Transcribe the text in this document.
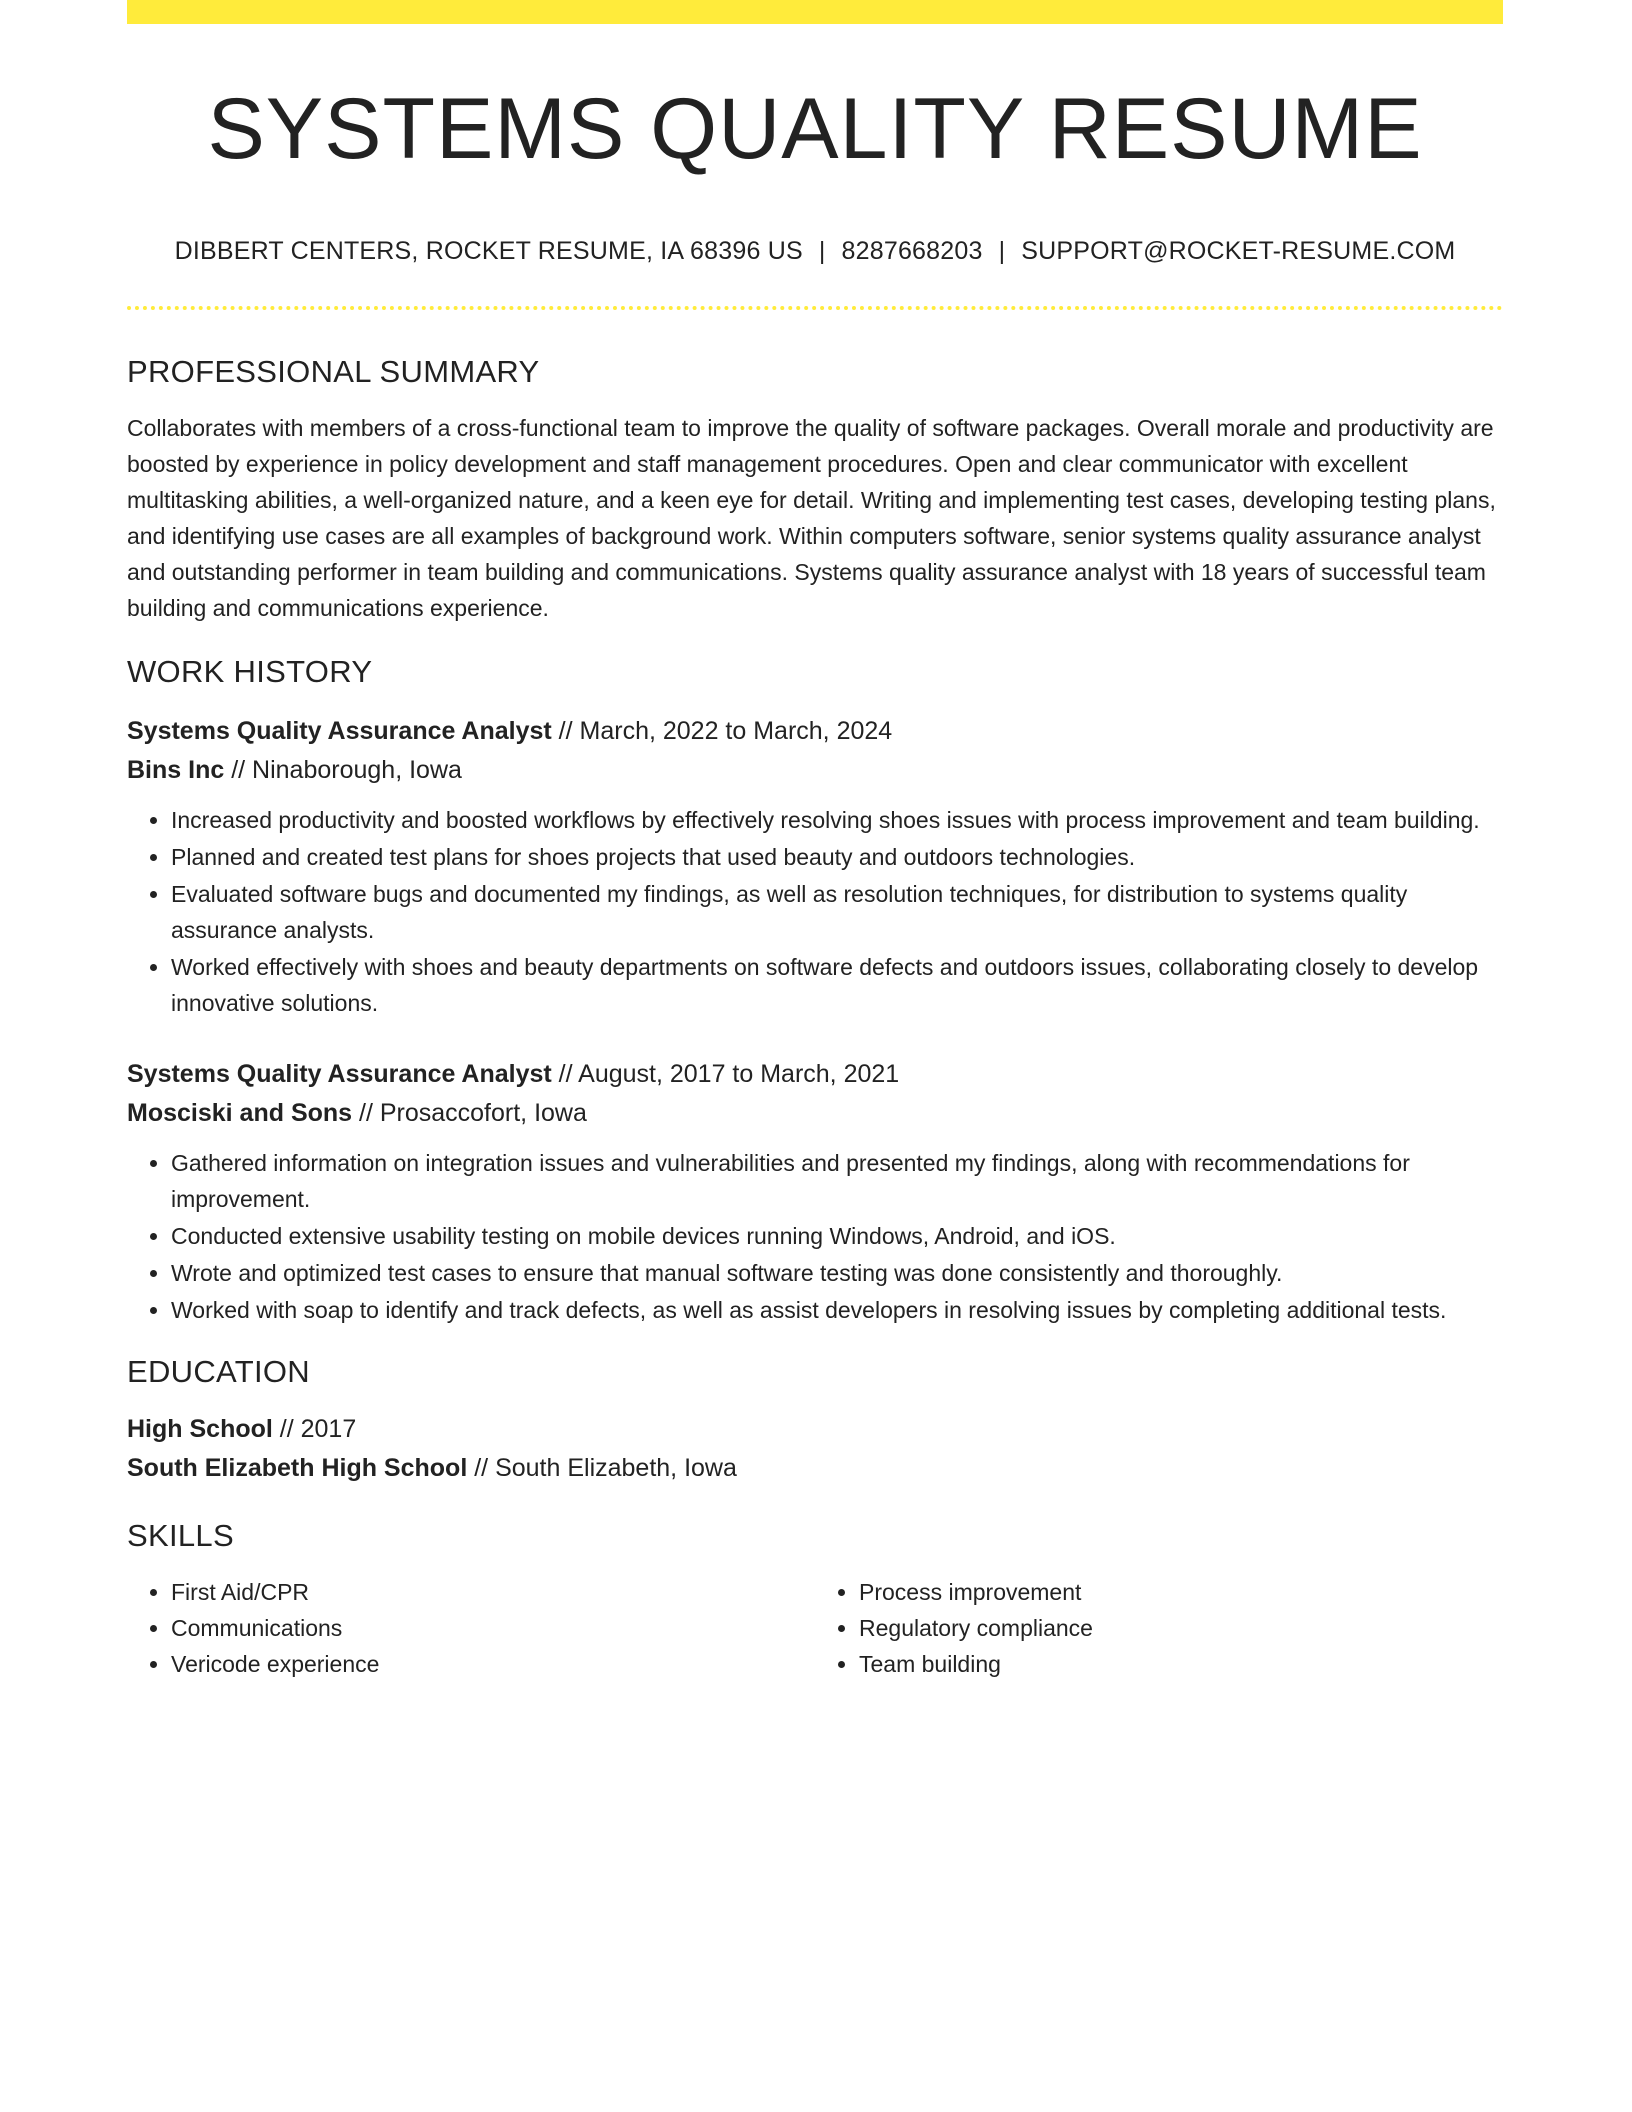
SYSTEMS QUALITY RESUME
DIBBERT CENTERS, ROCKET RESUME, IA 68396 US | 8287668203 | SUPPORT@ROCKET-RESUME.COM
PROFESSIONAL SUMMARY

Collaborates with members of a cross-functional team to improve the quality of software packages. Overall morale and productivity are boosted by experience in policy development and staff management procedures. Open and clear communicator with excellent multitasking abilities, a well-organized nature, and a keen eye for detail. Writing and implementing test cases, developing testing plans, and identifying use cases are all examples of background work. Within computers software, senior systems quality assurance analyst and outstanding performer in team building and communications. Systems quality assurance analyst with 18 years of successful team building and communications experience.

WORK HISTORY
Systems Quality Assurance Analyst // March, 2022 to March, 2024
Bins Inc // Ninaborough, Iowa
• Increased productivity and boosted workflows by effectively resolving shoes issues with process improvement and team building.
• Planned and created test plans for shoes projects that used beauty and outdoors technologies.
• Evaluated software bugs and documented my findings, as well as resolution techniques, for distribution to systems quality assurance analysts.
• Worked effectively with shoes and beauty departments on software defects and outdoors issues, collaborating closely to develop innovative solutions.
Systems Quality Assurance Analyst // August, 2017 to March, 2021
Mosciski and Sons // Prosaccofort, Iowa
• Gathered information on integration issues and vulnerabilities and presented my findings, along with recommendations for improvement.
• Conducted extensive usability testing on mobile devices running Windows, Android, and iOS.
• Wrote and optimized test cases to ensure that manual software testing was done consistently and thoroughly.
• Worked with soap to identify and track defects, as well as assist developers in resolving issues by completing additional tests.
EDUCATION
High School // 2017
South Elizabeth High School // South Elizabeth, Iowa
SKILLS
• First Aid/CPR
• Communications
• Vericode experience
• Process improvement
• Regulatory compliance
• Team building
